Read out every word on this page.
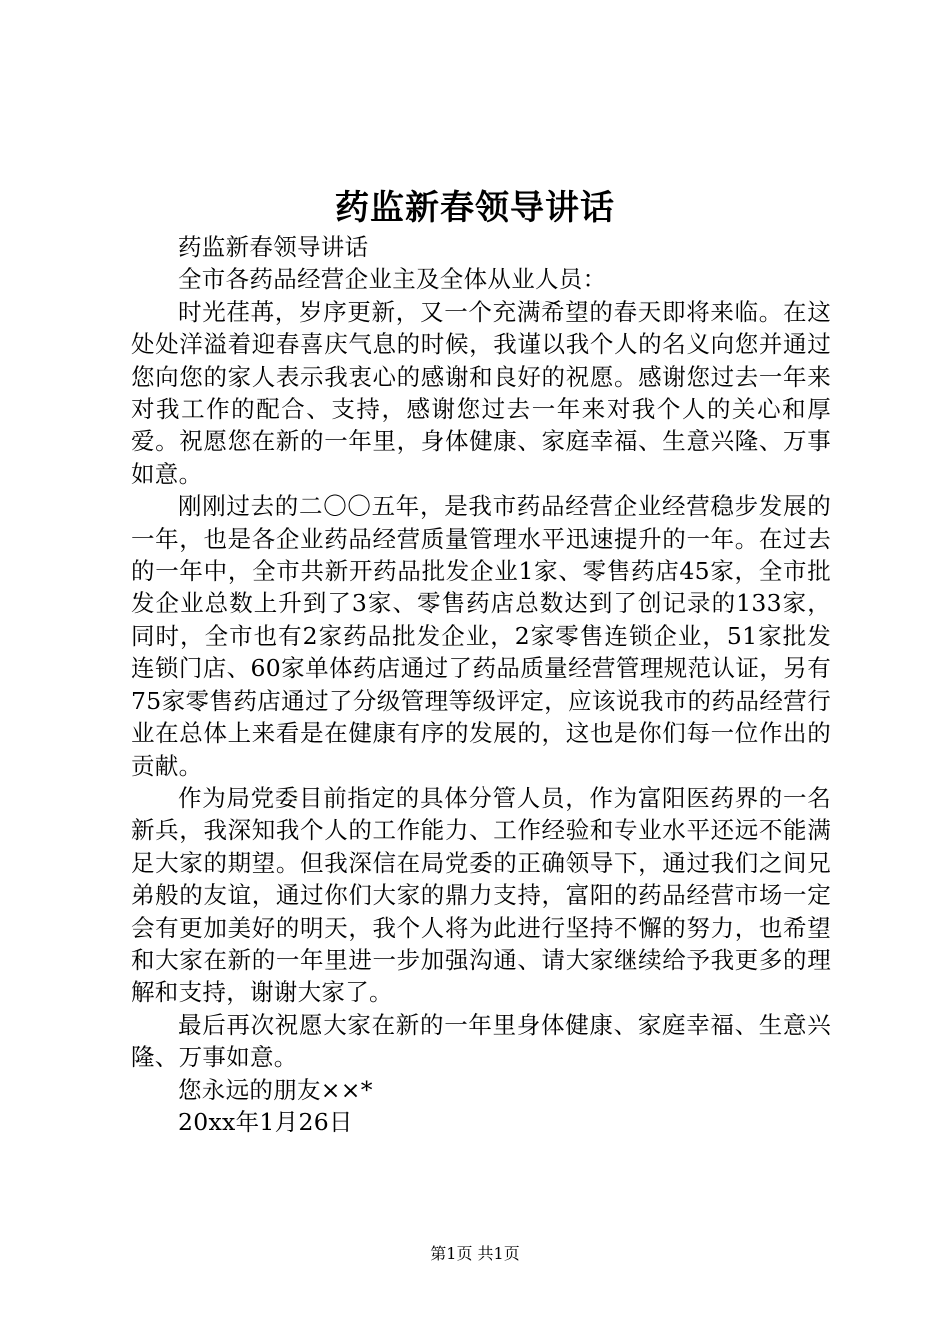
药监新春领导讲话

药监新春领导讲话

全市各药品经营企业主及全体从业人员：

时光荏苒，岁序更新，又一个充满希望的春天即将来临。在这处处洋溢着迎春喜庆气息的时候，我谨以我个人的名义向您并通过您向您的家人表示我衷心的感谢和良好的祝愿。感谢您过去一年来对我工作的配合、支持，感谢您过去一年来对我个人的关心和厚爱。祝愿您在新的一年里，身体健康、家庭幸福、生意兴隆、万事如意。

刚刚过去的二〇〇五年，是我市药品经营企业经营稳步发展的一年，也是各企业药品经营质量管理水平迅速提升的一年。在过去的一年中，全市共新开药品批发企业1家、零售药店45家，全市批发企业总数上升到了3家、零售药店总数达到了创记录的133家，同时，全市也有2家药品批发企业，2家零售连锁企业，51家批发连锁门店、60家单体药店通过了药品质量经营管理规范认证，另有75家零售药店通过了分级管理等级评定，应该说我市的药品经营行业在总体上来看是在健康有序的发展的，这也是你们每一位作出的贡献。

作为局党委目前指定的具体分管人员，作为富阳医药界的一名新兵，我深知我个人的工作能力、工作经验和专业水平还远不能满足大家的期望。但我深信在局党委的正确领导下，通过我们之间兄弟般的友谊，通过你们大家的鼎力支持，富阳的药品经营市场一定会有更加美好的明天，我个人将为此进行坚持不懈的努力，也希望和大家在新的一年里进一步加强沟通、请大家继续给予我更多的理解和支持，谢谢大家了。

最后再次祝愿大家在新的一年里身体健康、家庭幸福、生意兴隆、万事如意。

您永远的朋友××*

20xx年1月26日

第1页 共1页
